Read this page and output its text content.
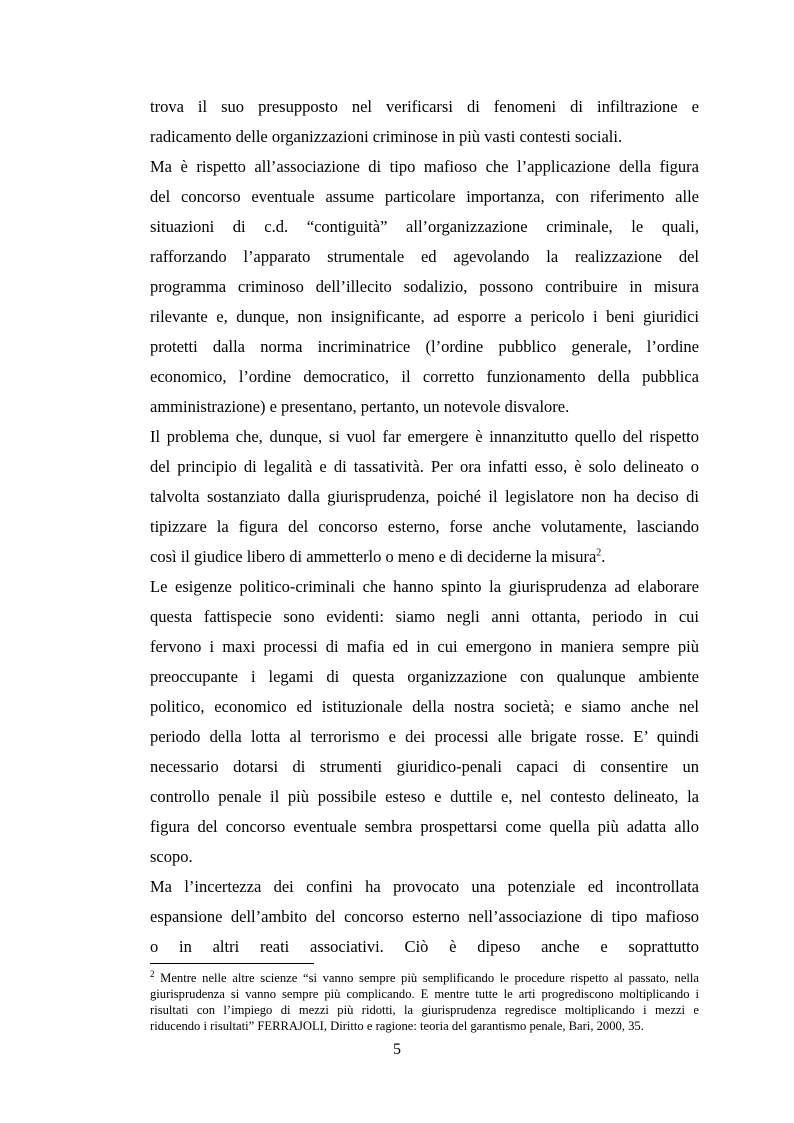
trova il suo presupposto nel verificarsi di fenomeni di infiltrazione e
radicamento delle organizzazioni criminose in più vasti contesti sociali.
Ma è rispetto all’associazione di tipo mafioso che l’applicazione della figura
del concorso eventuale assume particolare importanza, con riferimento alle
situazioni di c.d. “contiguità” all’organizzazione criminale, le quali,
rafforzando l’apparato strumentale ed agevolando la realizzazione del
programma criminoso dell’illecito sodalizio, possono contribuire in misura
rilevante e, dunque, non insignificante, ad esporre a pericolo i beni giuridici
protetti dalla norma incriminatrice (l’ordine pubblico generale, l’ordine
economico, l’ordine democratico, il corretto funzionamento della pubblica
amministrazione) e presentano, pertanto, un notevole disvalore.
Il problema che, dunque, si vuol far emergere è innanzitutto quello del rispetto
del principio di legalità e di tassatività. Per ora infatti esso, è solo delineato o
talvolta sostanziato dalla giurisprudenza, poiché il legislatore non ha deciso di
tipizzare la figura del concorso esterno, forse anche volutamente, lasciando
così il giudice libero di ammetterlo o meno e di deciderne la misura$^2$.
Le esigenze politico-criminali che hanno spinto la giurisprudenza ad elaborare
questa fattispecie sono evidenti: siamo negli anni ottanta, periodo in cui
fervono i maxi processi di mafia ed in cui emergono in maniera sempre più
preoccupante i legami di questa organizzazione con qualunque ambiente
politico, economico ed istituzionale della nostra società; e siamo anche nel
periodo della lotta al terrorismo e dei processi alle brigate rosse. E’ quindi
necessario dotarsi di strumenti giuridico-penali capaci di consentire un
controllo penale il più possibile esteso e duttile e, nel contesto delineato, la
figura del concorso eventuale sembra prospettarsi come quella più adatta allo
scopo.
Ma l’incertezza dei confini ha provocato una potenziale ed incontrollata
espansione dell’ambito del concorso esterno nell’associazione di tipo mafioso
o in altri reati associativi. Ciò è dipeso anche e soprattutto
$^2$ Mentre nelle altre scienze “si vanno sempre più semplificando le procedure rispetto al passato, nella
giurisprudenza si vanno sempre più complicando. E mentre tutte le arti progrediscono moltiplicando i
risultati con l’impiego di mezzi più ridotti, la giurisprudenza regredisce moltiplicando i mezzi e
riducendo i risultati” FERRAJOLI, Diritto e ragione: teoria del garantismo penale, Bari, 2000, 35.
5
